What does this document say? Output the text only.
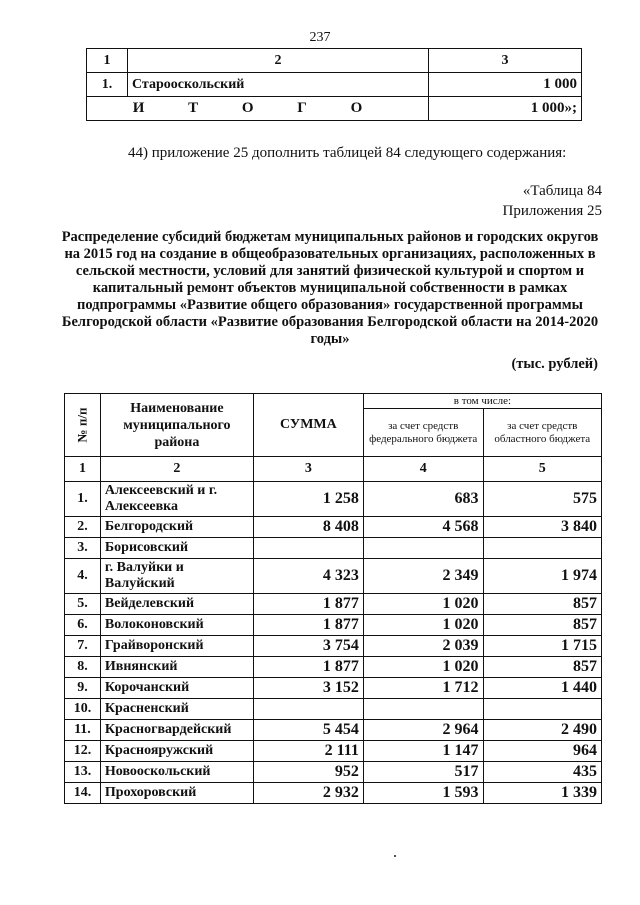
237
1	2	3
1.	Старооскольский	1 000
И Т О Г О		1 000»;
44) приложение 25 дополнить таблицей 84 следующего содержания:
«Таблица 84
Приложения 25
Распределение субсидий бюджетам муниципальных районов и городских округов на 2015 год на создание в общеобразовательных организациях, расположенных в сельской местности, условий для занятий физической культурой и спортом и капитальный ремонт объектов муниципальной собственности в рамках подпрограммы «Развитие общего образования» государственной программы Белгородской области «Развитие образования Белгородской области на 2014-2020 годы»
(тыс. рублей)
№ п/п	Наименование муниципального района	СУММА	в том числе:	
			за счет средств федерального бюджета	за счет средств областного бюджета
1	2	3	4	5
1.	Алексеевский и г. Алексеевка	1 258	683	575
2.	Белгородский	8 408	4 568	3 840
3.	Борисовский			
4.	г. Валуйки и Валуйский	4 323	2 349	1 974
5.	Вейделевский	1 877	1 020	857
6.	Волоконовский	1 877	1 020	857
7.	Грайворонский	3 754	2 039	1 715
8.	Ивнянский	1 877	1 020	857
9.	Корочанский	3 152	1 712	1 440
10.	Красненский			
11.	Красногвардейский	5 454	2 964	2 490
12.	Краснояружский	2 111	1 147	964
13.	Новооскольский	952	517	435
14.	Прохоровский	2 932	1 593	1 339
